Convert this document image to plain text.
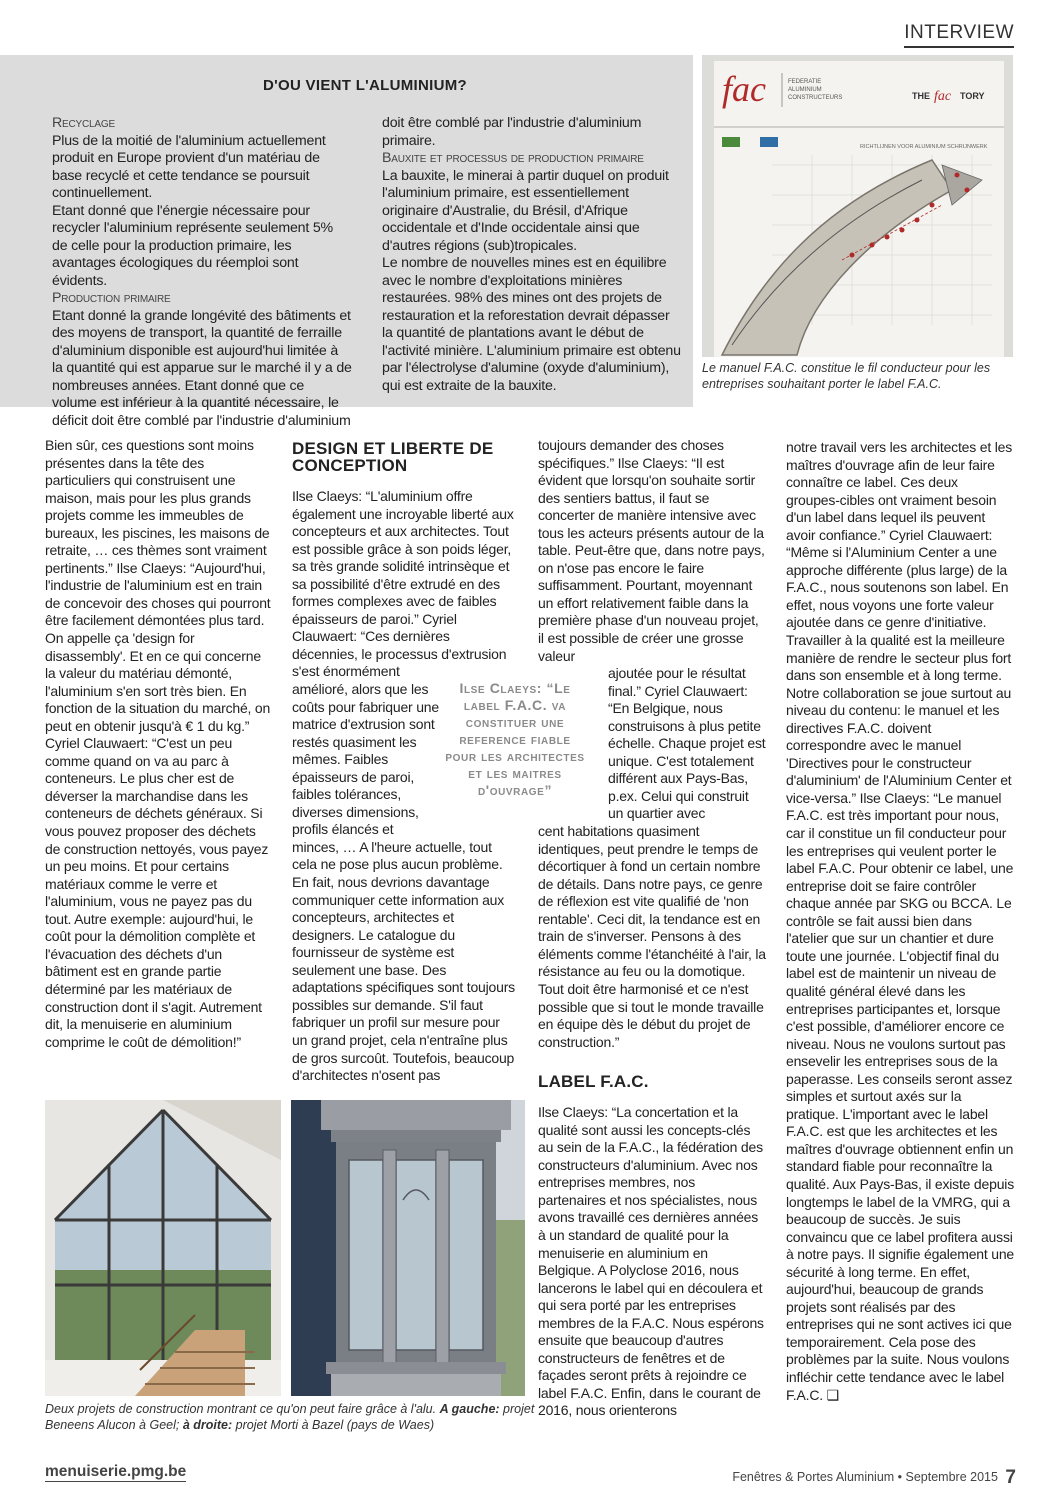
INTERVIEW
D'OU VIENT L'ALUMINIUM?
Recyclage
Plus de la moitié de l'aluminium actuellement produit en Europe provient d'un matériau de base recyclé et cette tendance se poursuit continuellement.
Etant donné que l'énergie nécessaire pour recycler l'aluminium représente seulement 5% de celle pour la production primaire, les avantages écologiques du réemploi sont évidents.
Production primaire
Etant donné la grande longévité des bâtiments et des moyens de transport, la quantité de ferraille d'aluminium disponible est aujourd'hui limitée à la quantité qui est apparue sur le marché il y a de nombreuses années. Etant donné que ce volume est inférieur à la quantité nécessaire, le déficit doit être comblé par l'industrie d'aluminium
doit être comblé par l'industrie d'aluminium primaire.
Bauxite et processus de production primaire
La bauxite, le minerai à partir duquel on produit l'aluminium primaire, est essentiellement originaire d'Australie, du Brésil, d'Afrique occidentale et d'Inde occidentale ainsi que d'autres régions (sub)tropicales.
Le nombre de nouvelles mines est en équilibre avec le nombre d'exploitations minières restaurées. 98% des mines ont des projets de restauration et la reforestation devrait dépasser la quantité de plantations avant le début de l'activité minière. L'aluminium primaire est obtenu par l'électrolyse d'alumine (oxyde d'aluminium), qui est extraite de la bauxite.
fac	FEDERATIE
ALUMINIUM
CONSTRUCTEURS	THE fac TORY
RICHTLIJNEN VOOR ALUMINIUM SCHRIJNWERK
Le manuel F.A.C. constitue le fil conducteur pour les entreprises souhaitant porter le label F.A.C.

Bien sûr, ces questions sont moins présentes dans la tête des particuliers qui construisent une maison, mais pour les plus grands projets comme les immeubles de bureaux, les piscines, les maisons de retraite, … ces thèmes sont vraiment pertinents.” Ilse Claeys: “Aujourd'hui, l'industrie de l'aluminium est en train de concevoir des choses qui pourront être facilement démontées plus tard. On appelle ça 'design for disassembly'. Et en ce qui concerne la valeur du matériau démonté, l'aluminium s'en sort très bien. En fonction de la situation du marché, on peut en obtenir jusqu'à € 1 du kg.” Cyriel Clauwaert: “C'est un peu comme quand on va au parc à conteneurs. Le plus cher est de déverser la marchandise dans les conteneurs de déchets généraux. Si vous pouvez proposer des déchets de construction nettoyés, vous payez un peu moins. Et pour certains matériaux comme le verre et l'aluminium, vous ne payez pas du tout. Autre exemple: aujourd'hui, le coût pour la démolition complète et l'évacuation des déchets d'un bâtiment est en grande partie déterminé par les matériaux de construction dont il s'agit. Autrement dit, la menuiserie en aluminium comprime le coût de démolition!”

DESIGN ET LIBERTE DE CONCEPTION

Ilse Claeys: “L'aluminium offre également une incroyable liberté aux concepteurs et aux architectes. Tout est possible grâce à son poids léger, sa très grande solidité intrinsèque et sa possibilité d'être extrudé en des formes complexes avec de faibles épaisseurs de paroi.” Cyriel Clauwaert: “Ces dernières décennies, le processus d'extrusion s'est énormément

amélioré, alors que les coûts pour fabriquer une matrice d'extrusion sont restés quasiment les mêmes. Faibles épaisseurs de paroi, faibles tolérances, diverses dimensions, profils élancés et

minces, … A l'heure actuelle, tout cela ne pose plus aucun problème. En fait, nous devrions davantage communiquer cette information aux concepteurs, architectes et designers. Le catalogue du fournisseur de système est seulement une base. Des adaptations spécifiques sont toujours possibles sur demande. S'il faut fabriquer un profil sur mesure pour un grand projet, cela n'entraîne plus de gros surcoût. Toutefois, beaucoup d'architectes n'osent pas

Ilse Claeys: “Le label F.A.C. va constituer une reference fiable pour les architectes et les maitres d'ouvrage”

toujours demander des choses spécifiques.” Ilse Claeys: “Il est évident que lorsqu'on souhaite sortir des sentiers battus, il faut se concerter de manière intensive avec tous les acteurs présents autour de la table. Peut-être que, dans notre pays, on n'ose pas encore le faire suffisamment. Pourtant, moyennant un effort relativement faible dans la première phase d'un nouveau projet, il est possible de créer une grosse valeur

ajoutée pour le résultat final.” Cyriel Clauwaert: “En Belgique, nous construisons à plus petite échelle. Chaque projet est unique. C'est totalement différent aux Pays-Bas, p.ex. Celui qui construit un quartier avec

cent habitations quasiment identiques, peut prendre le temps de décortiquer à fond un certain nombre de détails. Dans notre pays, ce genre de réflexion est vite qualifié de 'non rentable'. Ceci dit, la tendance est en train de s'inverser. Pensons à des éléments comme l'étanchéité à l'air, la résistance au feu ou la domotique. Tout doit être harmonisé et ce n'est possible que si tout le monde travaille en équipe dès le début du projet de construction.”

LABEL F.A.C.

Ilse Claeys: “La concertation et la qualité sont aussi les concepts-clés au sein de la F.A.C., la fédération des constructeurs d'aluminium. Avec nos entreprises membres, nos partenaires et nos spécialistes, nous avons travaillé ces dernières années à un standard de qualité pour la menuiserie en aluminium en Belgique. A Polyclose 2016, nous lancerons le label qui en découlera et qui sera porté par les entreprises membres de la F.A.C. Nous espérons ensuite que beaucoup d'autres constructeurs de fenêtres et de façades seront prêts à rejoindre ce label F.A.C. Enfin, dans le courant de 2016, nous orienterons

notre travail vers les architectes et les maîtres d'ouvrage afin de leur faire connaître ce label. Ces deux groupes-cibles ont vraiment besoin d'un label dans lequel ils peuvent avoir confiance.” Cyriel Clauwaert: “Même si l'Aluminium Center a une approche différente (plus large) de la F.A.C., nous soutenons son label. En effet, nous voyons une forte valeur ajoutée dans ce genre d'initiative. Travailler à la qualité est la meilleure manière de rendre le secteur plus fort dans son ensemble et à long terme. Notre collaboration se joue surtout au niveau du contenu: le manuel et les directives F.A.C. doivent correspondre avec le manuel 'Directives pour le constructeur d'aluminium' de l'Aluminium Center et vice-versa.” Ilse Claeys: “Le manuel F.A.C. est très important pour nous, car il constitue un fil conducteur pour les entreprises qui veulent porter le label F.A.C. Pour obtenir ce label, une entreprise doit se faire contrôler chaque année par SKG ou BCCA. Le contrôle se fait aussi bien dans l'atelier que sur un chantier et dure toute une journée. L'objectif final du label est de maintenir un niveau de qualité général élevé dans les entreprises participantes et, lorsque c'est possible, d'améliorer encore ce niveau. Nous ne voulons surtout pas ensevelir les entreprises sous de la paperasse. Les conseils seront assez simples et surtout axés sur la pratique. L'important avec le label F.A.C. est que les architectes et les maîtres d'ouvrage obtiennent enfin un standard fiable pour reconnaître la qualité. Aux Pays-Bas, il existe depuis longtemps le label de la VMRG, qui a beaucoup de succès. Je suis convaincu que ce label profitera aussi à notre pays. Il signifie également une sécurité à long terme. En effet, aujourd'hui, beaucoup de grands projets sont réalisés par des entreprises qui ne sont actives ici que temporairement. Cela pose des problèmes par la suite. Nous voulons infléchir cette tendance avec le label F.A.C. ❑

Deux projets de construction montrant ce qu'on peut faire grâce à l'alu. A gauche: projet Beneens Alucon à Geel; à droite: projet Morti à Bazel (pays de Waes)
menuiserie.pmg.be	Fenêtres & Portes Aluminium • Septembre 2015 7
